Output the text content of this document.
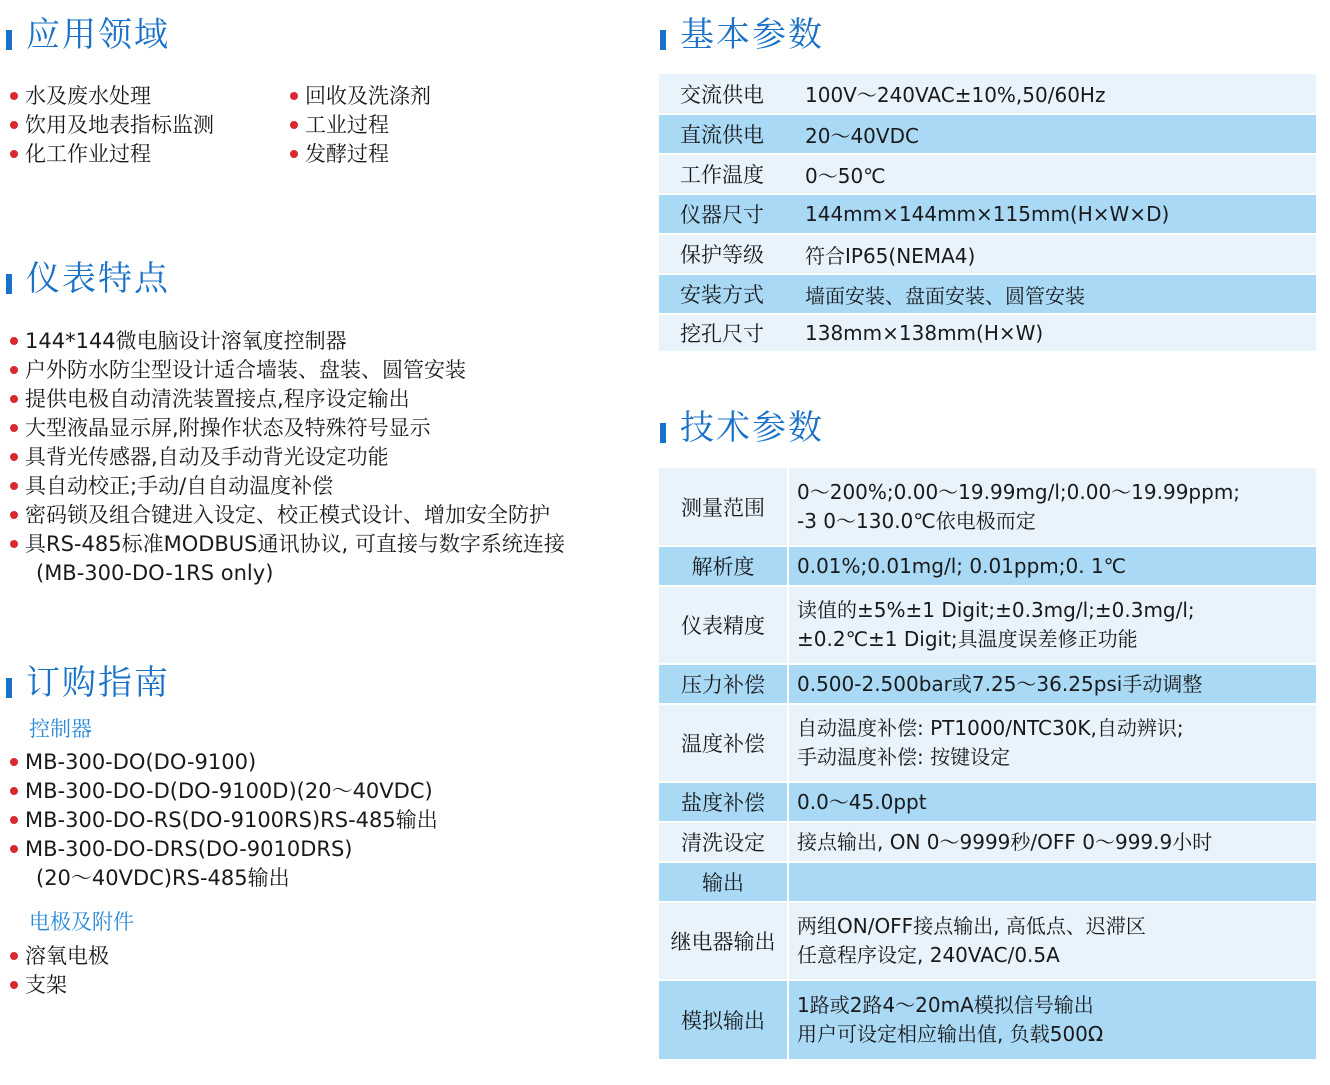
应用领域
水及废水处理
饮用及地表指标监测
化工作业过程
回收及洗涤剂
工业过程
发酵过程
仪表特点
144*144微电脑设计溶氧度控制器
户外防水防尘型设计适合墙装、盘装、圆管安装
提供电极自动清洗装置接点,程序设定输出
大型液晶显示屏,附操作状态及特殊符号显示
具背光传感器,自动及手动背光设定功能
具自动校正;手动/自自动温度补偿
密码锁及组合键进入设定、校正模式设计、增加安全防护
具RS-485标准MODBUS通讯协议, 可直接与数字系统连接
(MB-300-DO-1RS only)
订购指南
控制器
MB-300-DO(DO-9100)
MB-300-DO-D(DO-9100D)(20～40VDC)
MB-300-DO-RS(DO-9100RS)RS-485输出
MB-300-DO-DRS(DO-9010DRS)
(20～40VDC)RS-485输出
电极及附件
溶氧电极
支架
基本参数
交流供电	100V～240VAC±10%,50/60Hz
直流供电	20～40VDC
工作温度	0～50℃
仪器尺寸	144mm×144mm×115mm(H×W×D)
保护等级	符合IP65(NEMA4)
安装方式	墙面安装、盘面安装、圆管安装
挖孔尺寸	138mm×138mm(H×W)
技术参数
测量范围	0～200%;0.00～19.99mg/l;0.00～19.99ppm;
-3 0～130.0℃依电极而定

解析度	0.01%;0.01mg/l; 0.01ppm;0. 1℃

仪表精度	读值的±5%±1 Digit;±0.3mg/l;±0.3mg/l;
±0.2℃±1 Digit;具温度误差修正功能

压力补偿	0.500-2.500bar或7.25～36.25psi手动调整

温度补偿	自动温度补偿: PT1000/NTC30K,自动辨识;
手动温度补偿: 按键设定

盐度补偿	0.0～45.0ppt

清洗设定	接点输出, ON 0～9999秒/OFF 0～999.9小时

输出	
继电器输出	两组ON/OFF接点输出, 高低点、迟滞区
任意程序设定, 240VAC/0.5A

模拟输出	1路或2路4～20mA模拟信号输出
用户可设定相应输出值, 负载500Ω
